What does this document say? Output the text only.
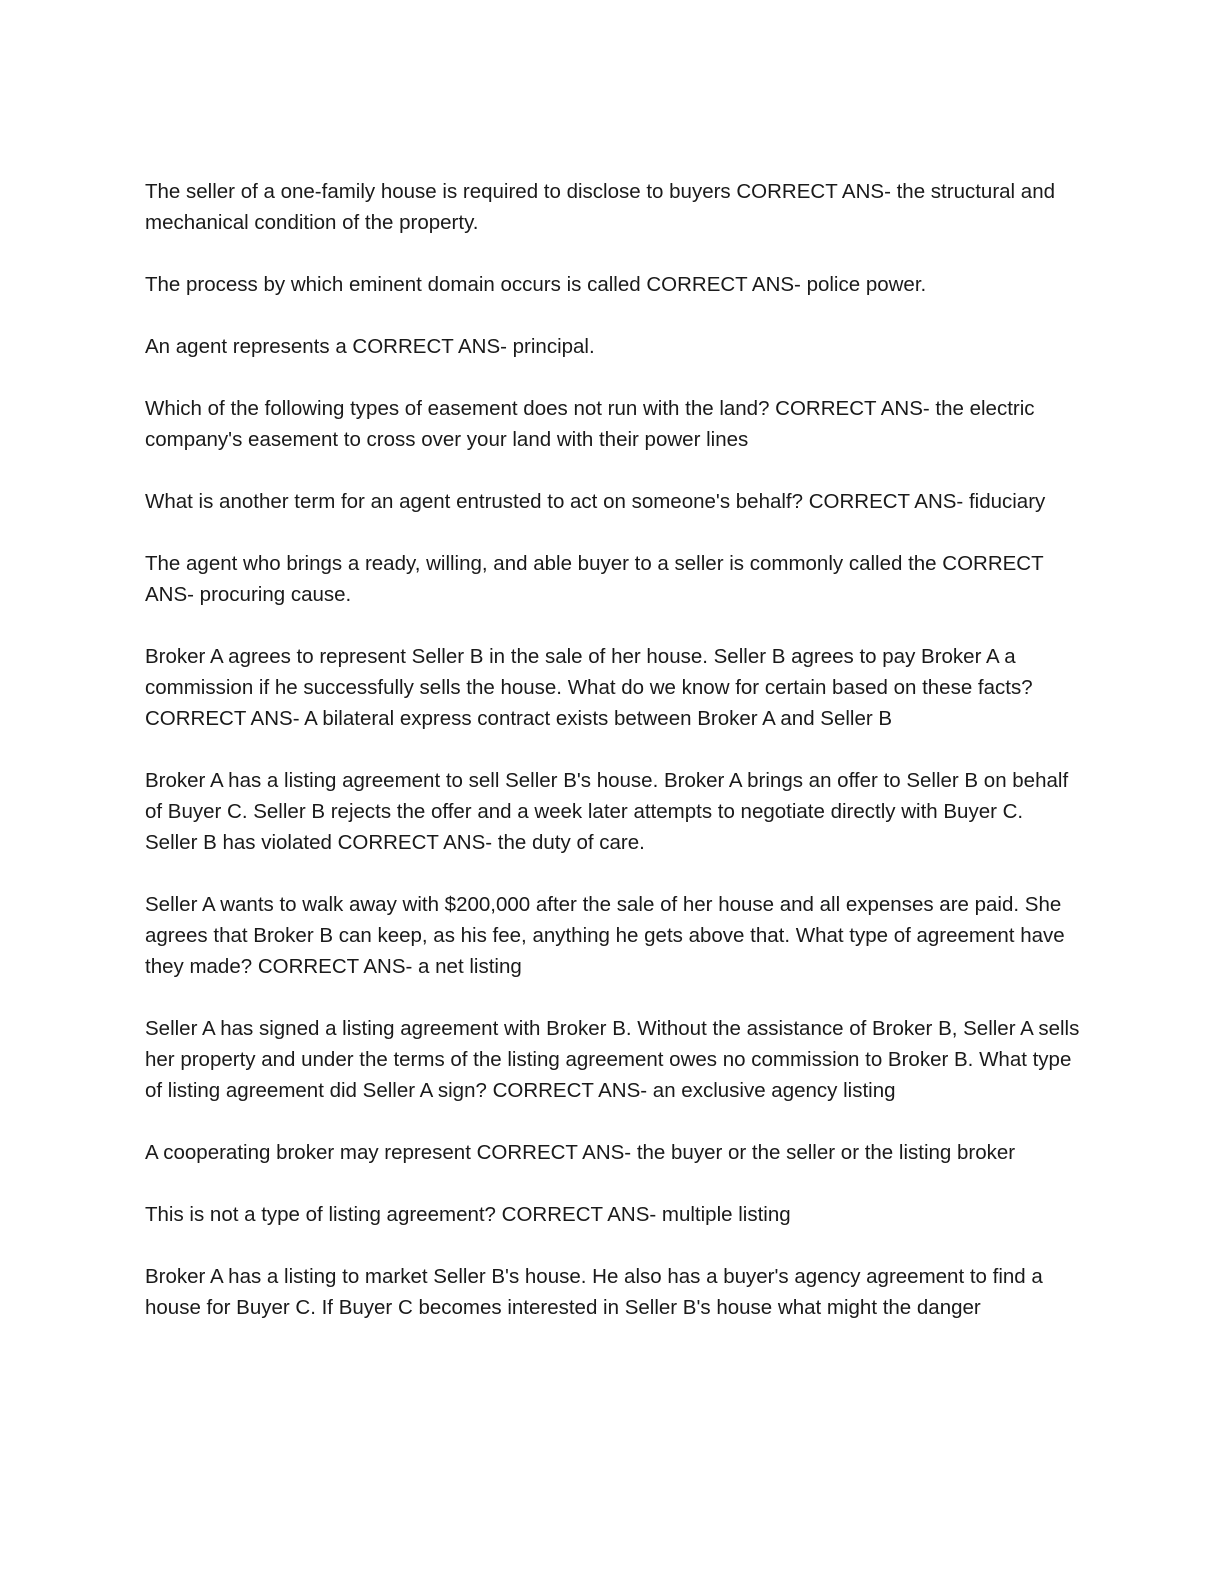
The seller of a one-family house is required to disclose to buyers CORRECT ANS- the structural and mechanical condition of the property.

The process by which eminent domain occurs is called CORRECT ANS- police power.

An agent represents a CORRECT ANS- principal.

Which of the following types of easement does not run with the land? CORRECT ANS- the electric company's easement to cross over your land with their power lines

What is another term for an agent entrusted to act on someone's behalf? CORRECT ANS- fiduciary

The agent who brings a ready, willing, and able buyer to a seller is commonly called the CORRECT ANS- procuring cause.

Broker A agrees to represent Seller B in the sale of her house. Seller B agrees to pay Broker A a commission if he successfully sells the house. What do we know for certain based on these facts? CORRECT ANS- A bilateral express contract exists between Broker A and Seller B

Broker A has a listing agreement to sell Seller B's house. Broker A brings an offer to Seller B on behalf of Buyer C. Seller B rejects the offer and a week later attempts to negotiate directly with Buyer C. Seller B has violated CORRECT ANS- the duty of care.

Seller A wants to walk away with $200,000 after the sale of her house and all expenses are paid. She agrees that Broker B can keep, as his fee, anything he gets above that. What type of agreement have they made? CORRECT ANS- a net listing

Seller A has signed a listing agreement with Broker B. Without the assistance of Broker B, Seller A sells her property and under the terms of the listing agreement owes no commission to Broker B. What type of listing agreement did Seller A sign? CORRECT ANS- an exclusive agency listing

A cooperating broker may represent CORRECT ANS- the buyer or the seller or the listing broker

This is not a type of listing agreement? CORRECT ANS- multiple listing

Broker A has a listing to market Seller B's house. He also has a buyer's agency agreement to find a house for Buyer C. If Buyer C becomes interested in Seller B's house what might the danger
